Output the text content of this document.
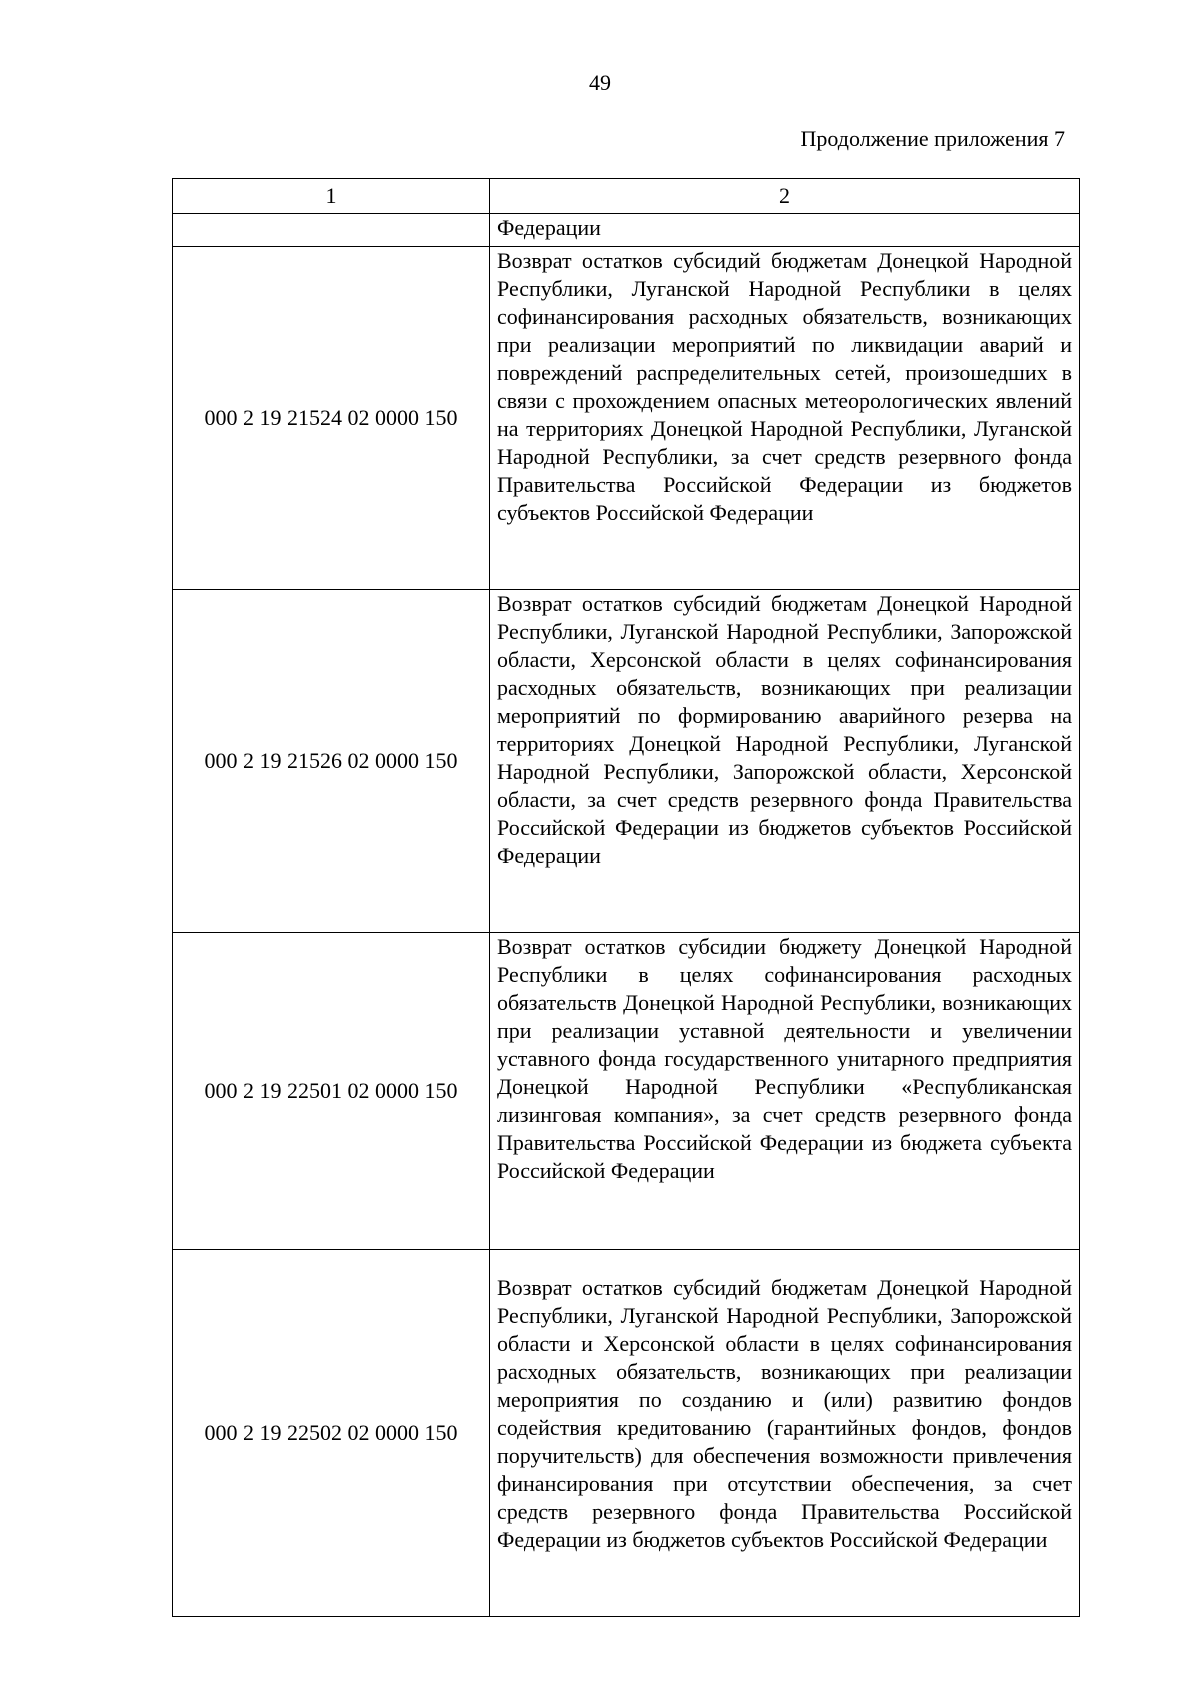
49
Продолжение приложения 7
1	2
	Федерации
000 2 19 21524 02 0000 150	Возврат остатков субсидий бюджетам Донецкой Народной Республики, Луганской Народной Республики в целях софинансирования расходных обязательств, возникающих при реализации мероприятий по ликвидации аварий и повреждений распределительных сетей, произошедших в связи с прохождением опасных метеорологических явлений на территориях Донецкой Народной Республики, Луганской Народной Республики, за счет средств резервного фонда Правительства Российской Федерации из бюджетов субъектов Российской Федерации
000 2 19 21526 02 0000 150	Возврат остатков субсидий бюджетам Донецкой Народной Республики, Луганской Народной Республики, Запорожской области, Херсонской области в целях софинансирования расходных обязательств, возникающих при реализации мероприятий по формированию аварийного резерва на территориях Донецкой Народной Республики, Луганской Народной Республики, Запорожской области, Херсонской области, за счет средств резервного фонда Правительства Российской Федерации из бюджетов субъектов Российской Федерации
000 2 19 22501 02 0000 150	Возврат остатков субсидии бюджету Донецкой Народной Республики в целях софинансирования расходных обязательств Донецкой Народной Республики, возникающих при реализации уставной деятельности и увеличении уставного фонда государственного унитарного предприятия Донецкой Народной Республики «Республиканская лизинговая компания», за счет средств резервного фонда Правительства Российской Федерации из бюджета субъекта Российской Федерации
000 2 19 22502 02 0000 150	Возврат остатков субсидий бюджетам Донецкой Народной Республики, Луганской Народной Республики, Запорожской области и Херсонской области в целях софинансирования расходных обязательств, возникающих при реализации мероприятия по созданию и (или) развитию фондов содействия кредитованию (гарантийных фондов, фондов поручительств) для обеспечения возможности привлечения финансирования при отсутствии обеспечения, за счет средств резервного фонда Правительства Российской Федерации из бюджетов субъектов Российской Федерации
